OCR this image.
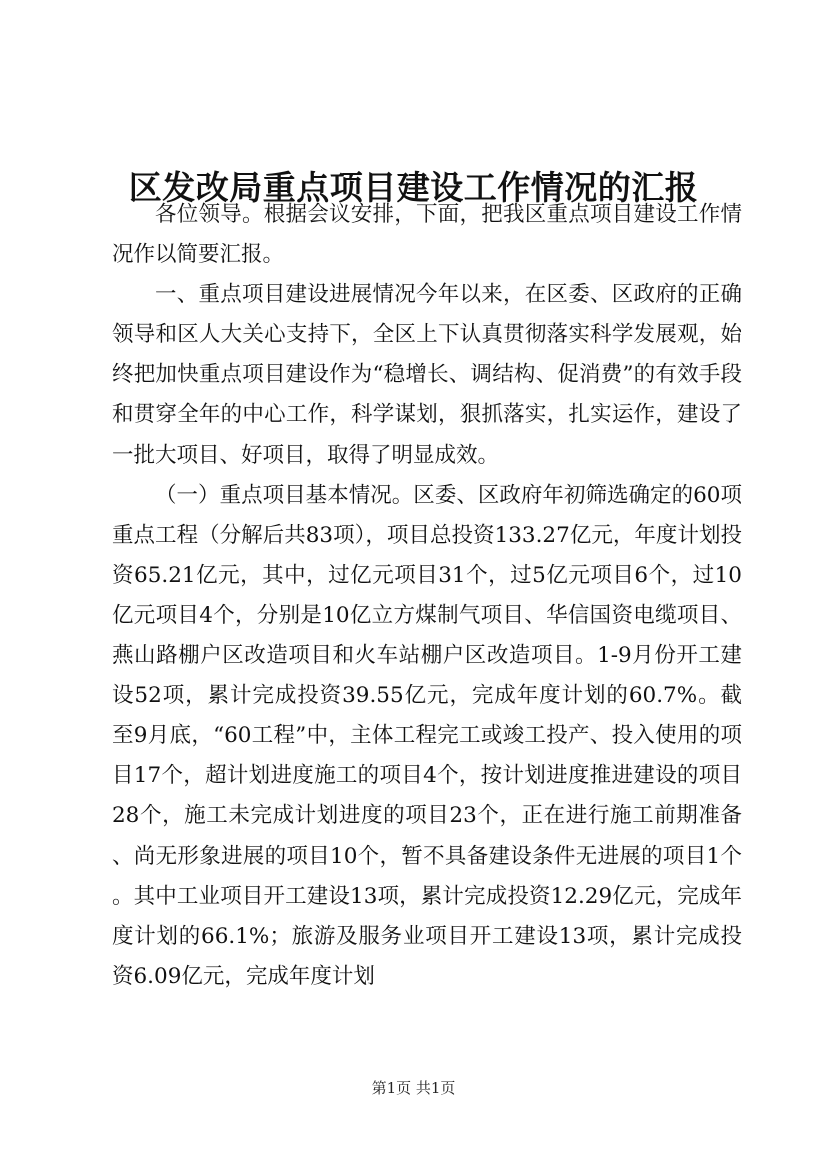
区发改局重点项目建设工作情况的汇报

各位领导。根据会议安排，下面，把我区重点项目建设工作情况作以简要汇报。

一、重点项目建设进展情况今年以来，在区委、区政府的正确领导和区人大关心支持下，全区上下认真贯彻落实科学发展观，始终把加快重点项目建设作为“稳增长、调结构、促消费”的有效手段和贯穿全年的中心工作，科学谋划，狠抓落实，扎实运作，建设了一批大项目、好项目，取得了明显成效。

（一）重点项目基本情况。区委、区政府年初筛选确定的60项重点工程（分解后共83项），项目总投资133.27亿元，年度计划投资65.21亿元，其中，过亿元项目31个，过5亿元项目6个，过10亿元项目4个，分别是10亿立方煤制气项目、华信国资电缆项目、燕山路棚户区改造项目和火车站棚户区改造项目。1-9月份开工建设52项，累计完成投资39.55亿元，完成年度计划的60.7%。截至9月底，“60工程”中，主体工程完工或竣工投产、投入使用的项目17个，超计划进度施工的项目4个，按计划进度推进建设的项目28个，施工未完成计划进度的项目23个，正在进行施工前期准备、尚无形象进展的项目10个，暂不具备建设条件无进展的项目1个。其中工业项目开工建设13项，累计完成投资12.29亿元，完成年度计划的66.1%；旅游及服务业项目开工建设13项，累计完成投资6.09亿元，完成年度计划

第1页 共1页
